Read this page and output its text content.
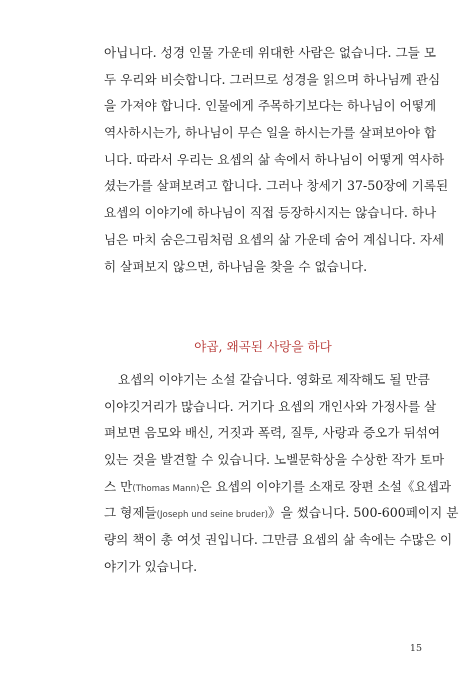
아닙니다. 성경 인물 가운데 위대한 사람은 없습니다. 그들 모
두 우리와 비슷합니다. 그러므로 성경을 읽으며 하나님께 관심
을 가져야 합니다. 인물에게 주목하기보다는 하나님이 어떻게
역사하시는가, 하나님이 무슨 일을 하시는가를 살펴보아야 합
니다. 따라서 우리는 요셉의 삶 속에서 하나님이 어떻게 역사하
셨는가를 살펴보려고 합니다. 그러나 창세기 37-50장에 기록된
요셉의 이야기에 하나님이 직접 등장하시지는 않습니다. 하나
님은 마치 숨은그림처럼 요셉의 삶 가운데 숨어 계십니다. 자세
히 살펴보지 않으면, 하나님을 찾을 수 없습니다.
야곱, 왜곡된 사랑을 하다
요셉의 이야기는 소설 같습니다. 영화로 제작해도 될 만큼
이야깃거리가 많습니다. 거기다 요셉의 개인사와 가정사를 살
펴보면 음모와 배신, 거짓과 폭력, 질투, 사랑과 증오가 뒤섞여
있는 것을 발견할 수 있습니다. 노벨문학상을 수상한 작가 토마
스 만(Thomas Mann)은 요셉의 이야기를 소재로 장편 소설《요셉과
그 형제들(Joseph und seine bruder)》을 썼습니다. 500-600페이지 분
량의 책이 총 여섯 권입니다. 그만큼 요셉의 삶 속에는 수많은 이
야기가 있습니다.
15
